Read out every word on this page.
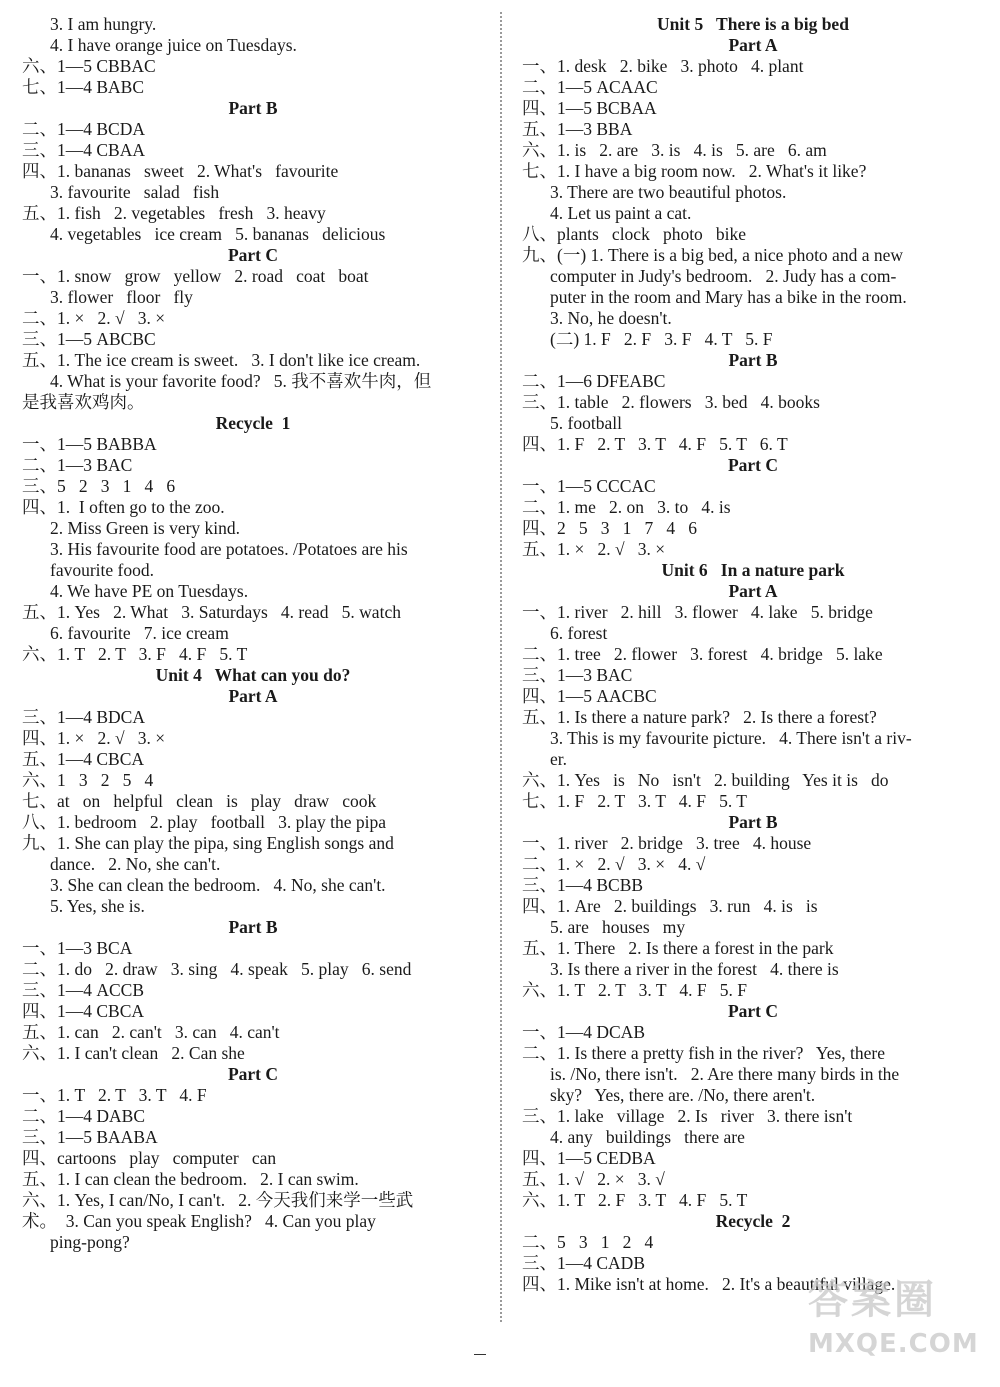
3. I am hungry.
4. I have orange juice on Tuesdays.
六、1—5 CBBAC
七、1—4 BABC
Part B
二、1—4 BCDA
三、1—4 CBAA
四、1. bananas   sweet   2. What's   favourite
3. favourite   salad   fish
五、1. fish   2. vegetables   fresh   3. heavy
4. vegetables   ice cream   5. bananas   delicious
Part C
一、1. snow   grow   yellow   2. road   coat   boat
3. flower   floor   fly
二、1. ×   2. √   3. ×
三、1—5 ABCBC
五、1. The ice cream is sweet.   3. I don't like ice cream.
4. What is your favorite food?   5. 我不喜欢牛肉，但
是我喜欢鸡肉。
Recycle  1
一、1—5 BABBA
二、1—3 BAC
三、5   2   3   1   4   6
四、1.  I often go to the zoo.
2. Miss Green is very kind.
3. His favourite food are potatoes. /Potatoes are his
favourite food.
4. We have PE on Tuesdays.
五、1. Yes   2. What   3. Saturdays   4. read   5. watch
6. favourite   7. ice cream
六、1. T   2. T   3. F   4. F   5. T
Unit 4   What can you do?
Part A
三、1—4 BDCA
四、1. ×   2. √   3. ×
五、1—4 CBCA
六、1   3   2   5   4
七、at   on   helpful   clean   is   play   draw   cook
八、1. bedroom   2. play   football   3. play the pipa
九、1. She can play the pipa, sing English songs and
dance.   2. No, she can't.
3. She can clean the bedroom.   4. No, she can't.
5. Yes, she is.
Part B
一、1—3 BCA
二、1. do   2. draw   3. sing   4. speak   5. play   6. send
三、1—4 ACCB
四、1—4 CBCA
五、1. can   2. can't   3. can   4. can't
六、1. I can't clean   2. Can she
Part C
一、1. T   2. T   3. T   4. F
二、1—4 DABC
三、1—5 BAABA
四、cartoons   play   computer   can
五、1. I can clean the bedroom.   2. I can swim.
六、1. Yes, I can/No, I can't.   2. 今天我们来学一些武
术。  3. Can you speak English?   4. Can you play
ping-pong?
Unit 5   There is a big bed
Part A
一、1. desk   2. bike   3. photo   4. plant
二、1—5 ACAAC
四、1—5 BCBAA
五、1—3 BBA
六、1. is   2. are   3. is   4. is   5. are   6. am
七、1. I have a big room now.   2. What's it like?
3. There are two beautiful photos.
4. Let us paint a cat.
八、plants   clock   photo   bike
九、(一) 1. There is a big bed, a nice photo and a new
computer in Judy's bedroom.   2. Judy has a com-
puter in the room and Mary has a bike in the room.
3. No, he doesn't.
(二) 1. F   2. F   3. F   4. T   5. F
Part B
二、1—6 DFEABC
三、1. table   2. flowers   3. bed   4. books
5. football
四、1. F   2. T   3. T   4. F   5. T   6. T
Part C
一、1—5 CCCAC
二、1. me   2. on   3. to   4. is
四、2   5   3   1   7   4   6
五、1. ×   2. √   3. ×
Unit 6   In a nature park
Part A
一、1. river   2. hill   3. flower   4. lake   5. bridge
6. forest
二、1. tree   2. flower   3. forest   4. bridge   5. lake
三、1—3 BAC
四、1—5 AACBC
五、1. Is there a nature park?   2. Is there a forest?
3. This is my favourite picture.   4. There isn't a riv-
er.
六、1. Yes   is   No   isn't   2. building   Yes it is   do
七、1. F   2. T   3. T   4. F   5. T
Part B
一、1. river   2. bridge   3. tree   4. house
二、1. ×   2. √   3. ×   4. √
三、1—4 BCBB
四、1. Are   2. buildings   3. run   4. is   is
5. are   houses   my
五、1. There   2. Is there a forest in the park
3. Is there a river in the forest   4. there is
六、1. T   2. T   3. T   4. F   5. F
Part C
一、1—4 DCAB
二、1. Is there a pretty fish in the river?   Yes, there
is. /No, there isn't.   2. Are there many birds in the
sky?   Yes, there are. /No, there aren't.
三、1. lake   village   2. Is   river   3. there isn't
4. any   buildings   there are
四、1—5 CEDBA
五、1. √   2. ×   3. √
六、1. T   2. F   3. T   4. F   5. T
Recycle  2
二、5   3   1   2   4
三、1—4 CADB
四、1. Mike isn't at home.   2. It's a beautiful village.
答案圈
MXQE.COM
